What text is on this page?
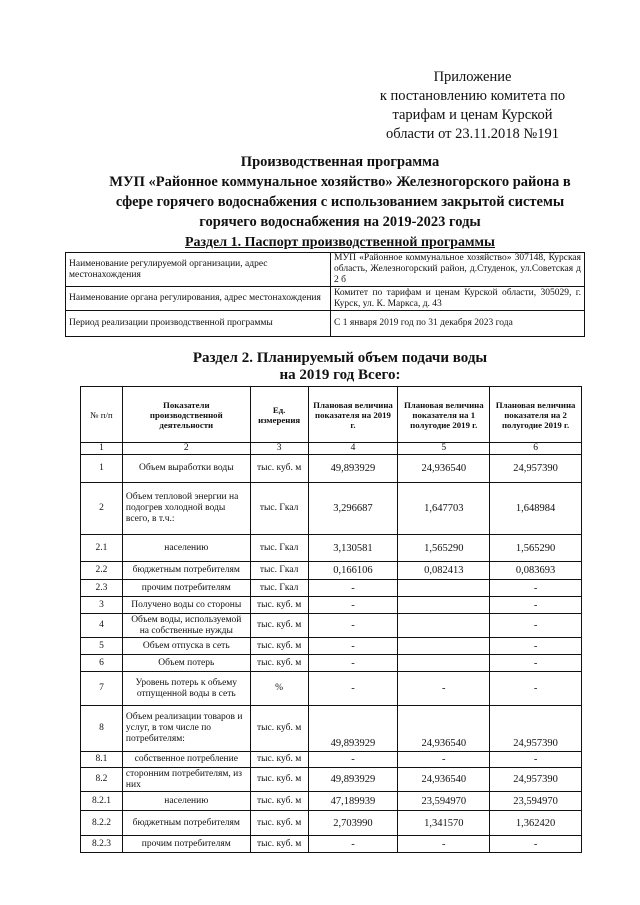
Приложение
к постановлению комитета по
тарифам и ценам Курской
области от 23.11.2018 №191
Производственная программа
МУП «Районное коммунальное хозяйство» Железногорского района в
сфере горячего водоснабжения с использованием закрытой системы
горячего водоснабжения на 2019-2023 годы
Раздел 1. Паспорт производственной программы
Наименование регулируемой организации, адрес местонахождения	МУП «Районное коммунальное хозяйство» 307148, Курская область, Железногорский район, д.Студенок, ул.Советская д 2 б
Наименование органа регулирования, адрес местонахождения	Комитет по тарифам и ценам Курской области, 305029, г. Курск, ул. К. Маркса, д. 43
Период реализации производственной программы	С 1 января 2019 год по 31 декабря 2023 года
Раздел 2. Планируемый объем подачи воды
на 2019 год Всего:
№ п/п	Показатели производственной деятельности	Ед. измерения	Плановая величина показателя на 2019 г.	Плановая величина показателя на 1 полугодие 2019 г.	Плановая величина показателя на 2 полугодие 2019 г.
1	2	3	4	5	6
1	Объем выработки воды	тыс. куб. м	49,893929	24,936540	24,957390
2	Объем тепловой энергии на подогрев холодной воды всего, в т.ч.:	тыс. Гкал	3,296687	1,647703	1,648984
2.1	населению	тыс. Гкал	3,130581	1,565290	1,565290
2.2	бюджетным потребителям	тыс. Гкал	0,166106	0,082413	0,083693
2.3	прочим потребителям	тыс. Гкал	-		-
3	Получено воды со стороны	тыс. куб. м	-		-
4	Объем воды, используемой на собственные нужды	тыс. куб. м	-		-
5	Объем отпуска в сеть	тыс. куб. м	-		-
6	Объем потерь	тыс. куб. м	-		-
7	Уровень потерь к объему отпущенной воды в сеть	%	-	-	-
8	Объем реализации товаров и услуг, в том числе по потребителям:	тыс. куб. м	49,893929	24,936540	24,957390
8.1	собственное потребление	тыс. куб. м	-	-	-
8.2	сторонним потребителям, из них	тыс. куб. м	49,893929	24,936540	24,957390
8.2.1	населению	тыс. куб. м	47,189939	23,594970	23,594970
8.2.2	бюджетным потребителям	тыс. куб. м	2,703990	1,341570	1,362420
8.2.3	прочим потребителям	тыс. куб. м	-	-	-
